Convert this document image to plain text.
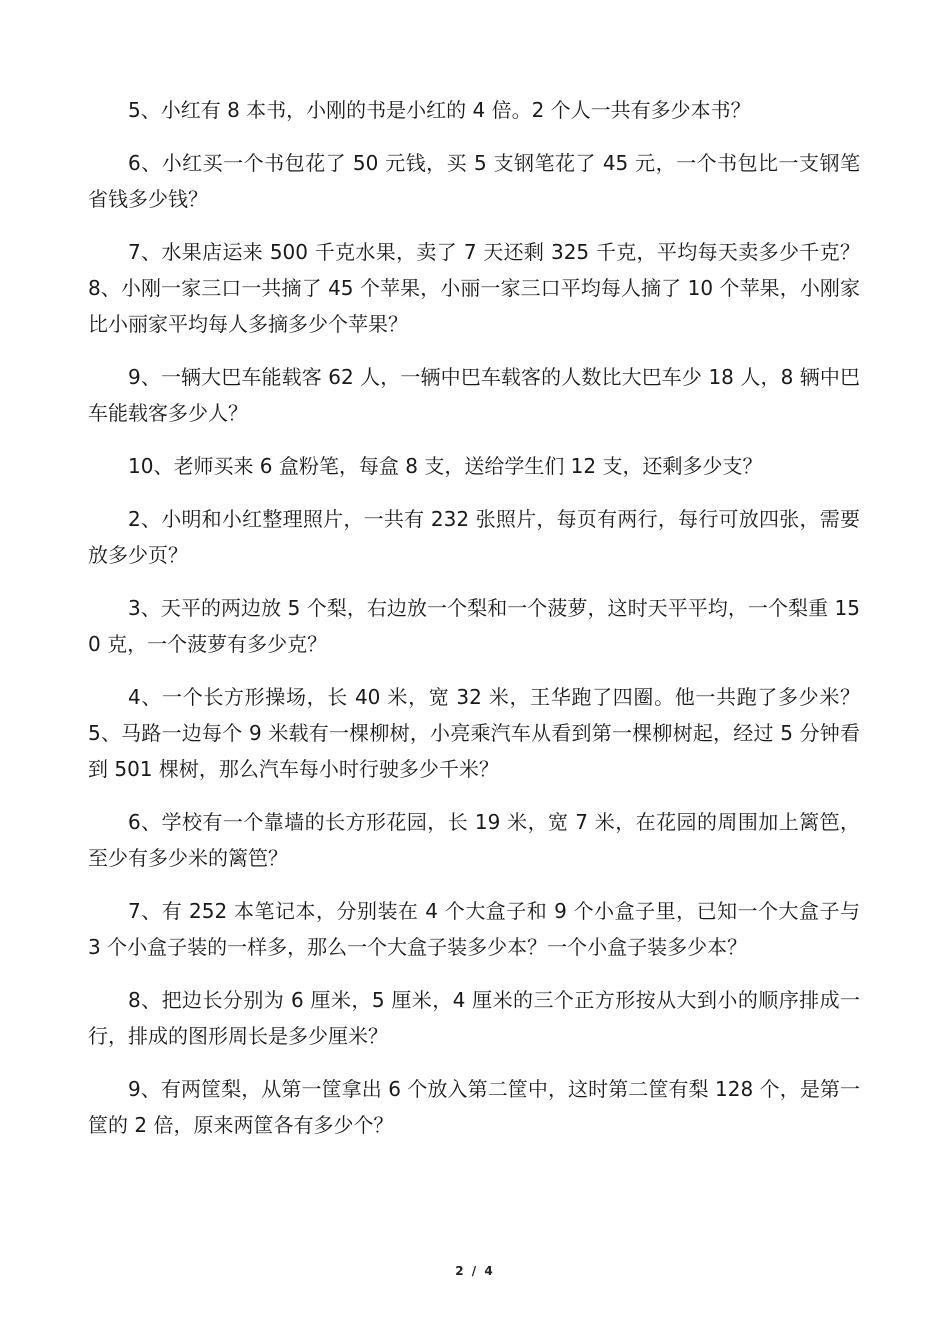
5、小红有 8 本书，小刚的书是小红的 4 倍。2 个人一共有多少本书？

6、小红买一个书包花了 50 元钱，买 5 支钢笔花了 45 元，一个书包比一支钢笔省钱多少钱？

7、水果店运来 500 千克水果，卖了 7 天还剩 325 千克，平均每天卖多少千克？8、小刚一家三口一共摘了 45 个苹果，小丽一家三口平均每人摘了 10 个苹果，小刚家比小丽家平均每人多摘多少个苹果？

9、一辆大巴车能载客 62 人，一辆中巴车载客的人数比大巴车少 18 人，8 辆中巴车能载客多少人？

10、老师买来 6 盒粉笔，每盒 8 支，送给学生们 12 支，还剩多少支？

2、小明和小红整理照片，一共有 232 张照片，每页有两行，每行可放四张，需要放多少页？

3、天平的两边放 5 个梨，右边放一个梨和一个菠萝，这时天平平均，一个梨重 150 克，一个菠萝有多少克？

4、一个长方形操场，长 40 米，宽 32 米，王华跑了四圈。他一共跑了多少米？5、马路一边每个 9 米载有一棵柳树，小亮乘汽车从看到第一棵柳树起，经过 5 分钟看到 501 棵树，那么汽车每小时行驶多少千米？

6、学校有一个靠墙的长方形花园，长 19 米，宽 7 米，在花园的周围加上篱笆，至少有多少米的篱笆？

7、有 252 本笔记本，分别装在 4 个大盒子和 9 个小盒子里，已知一个大盒子与 3 个小盒子装的一样多，那么一个大盒子装多少本？一个小盒子装多少本？

8、把边长分别为 6 厘米，5 厘米，4 厘米的三个正方形按从大到小的顺序排成一行，排成的图形周长是多少厘米？

9、有两筐梨，从第一筐拿出 6 个放入第二筐中，这时第二筐有梨 128 个，是第一筐的 2 倍，原来两筐各有多少个？

2 / 4
